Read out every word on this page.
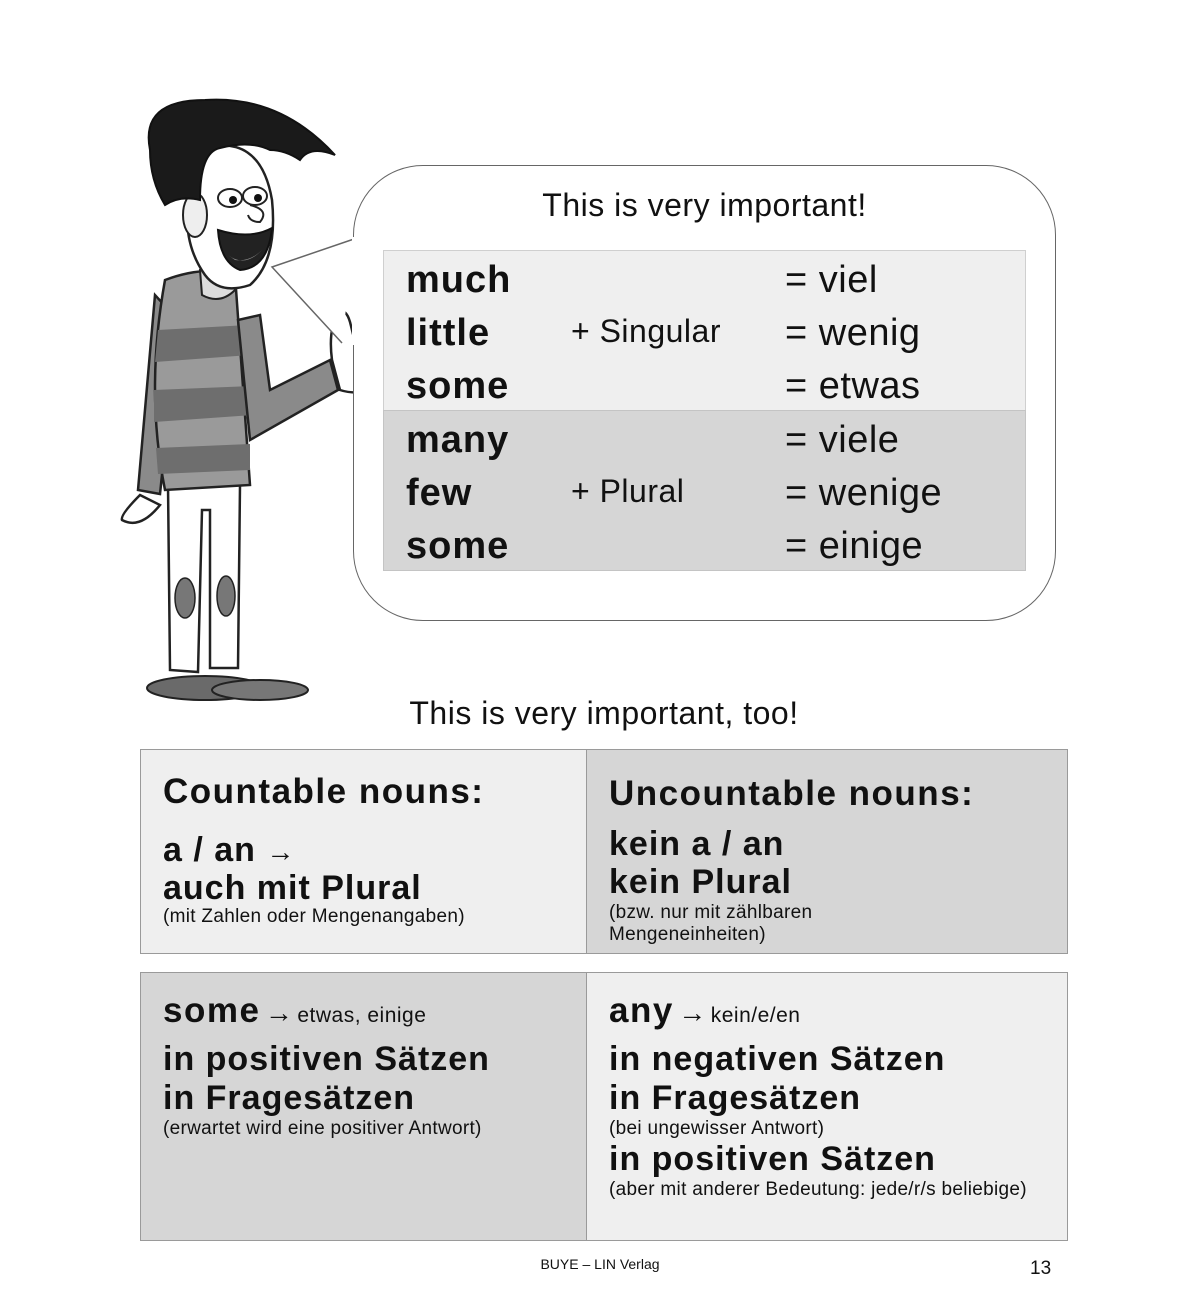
This is very important!
much
little
some
+ Singular
= viel
= wenig
= etwas
many
few
some
+ Plural
= viele
= wenige
= einige
This is very important, too!
Countable nouns:
a / an →
auch mit Plural
(mit Zahlen oder Mengenangaben)
Uncountable nouns:
kein a / an
kein Plural
(bzw. nur mit zählbaren Mengeneinheiten)
some → etwas, einige
in positiven Sätzen
in Fragesätzen
(erwartet wird eine positiver Antwort)
any → kein/e/en
in negativen Sätzen
in Fragesätzen
(bei ungewisser Antwort)
in positiven Sätzen
(aber mit anderer Bedeutung: jede/r/s beliebige)
BUYE – LIN Verlag	13
